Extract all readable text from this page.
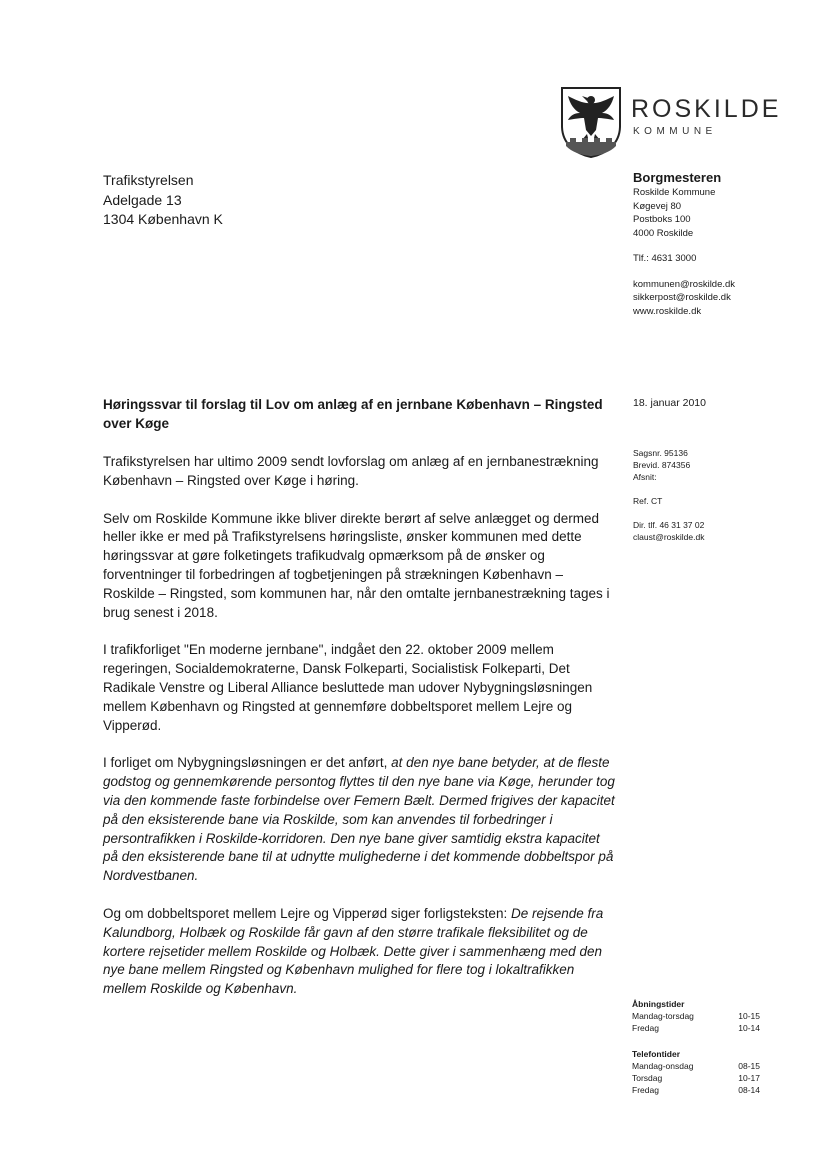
ROSKILDE
KOMMUNE
Trafikstyrelsen
Adelgade 13
1304 København K
Borgmesteren
Roskilde Kommune
Køgevej 80
Postboks 100
4000 Roskilde
Tlf.: 4631 3000
kommunen@roskilde.dk
sikkerpost@roskilde.dk
www.roskilde.dk
Høringssvar til forslag til Lov om anlæg af en jernbane København – Ringsted over Køge
18. januar 2010
Sagsnr. 95136
Brevid. 874356
Afsnit:
Ref. CT
Dir. tlf. 46 31 37 02
claust@roskilde.dk

Trafikstyrelsen har ultimo 2009 sendt lovforslag om anlæg af en jernbanestrækning København – Ringsted over Køge i høring.

Selv om Roskilde Kommune ikke bliver direkte berørt af selve anlægget og dermed heller ikke er med på Trafikstyrelsens høringsliste, ønsker kommunen med dette høringssvar at gøre folketingets trafikudvalg opmærksom på de ønsker og forventninger til forbedringen af togbetjeningen på strækningen København – Roskilde – Ringsted, som kommunen har, når den omtalte jernbanestrækning tages i brug senest i 2018.

I trafikforliget "En moderne jernbane", indgået den 22. oktober 2009 mellem regeringen, Socialdemokraterne, Dansk Folkeparti, Socialistisk Folkeparti, Det Radikale Venstre og Liberal Alliance besluttede man udover Nybygningsløsningen mellem København og Ringsted at gennemføre dobbeltsporet mellem Lejre og Vipperød.

I forliget om Nybygningsløsningen er det anført, at den nye bane betyder, at de fleste godstog og gennemkørende persontog flyttes til den nye bane via Køge, herunder tog via den kommende faste forbindelse over Femern Bælt. Dermed frigives der kapacitet på den eksisterende bane via Roskilde, som kan anvendes til forbedringer i persontrafikken i Roskilde-korridoren. Den nye bane giver samtidig ekstra kapacitet på den eksisterende bane til at udnytte mulighederne i det kommende dobbeltspor på Nordvestbanen.

Og om dobbeltsporet mellem Lejre og Vipperød siger forligsteksten: De rejsende fra Kalundborg, Holbæk og Roskilde får gavn af den større trafikale fleksibilitet og de kortere rejsetider mellem Roskilde og Holbæk. Dette giver i sammenhæng med den nye bane mellem Ringsted og København mulighed for flere tog i lokaltrafikken mellem Roskilde og København.

Åbningstider
Mandag-torsdag	10-15
Fredag	10-14
Telefontider
Mandag-onsdag	08-15
Torsdag	10-17
Fredag	08-14
